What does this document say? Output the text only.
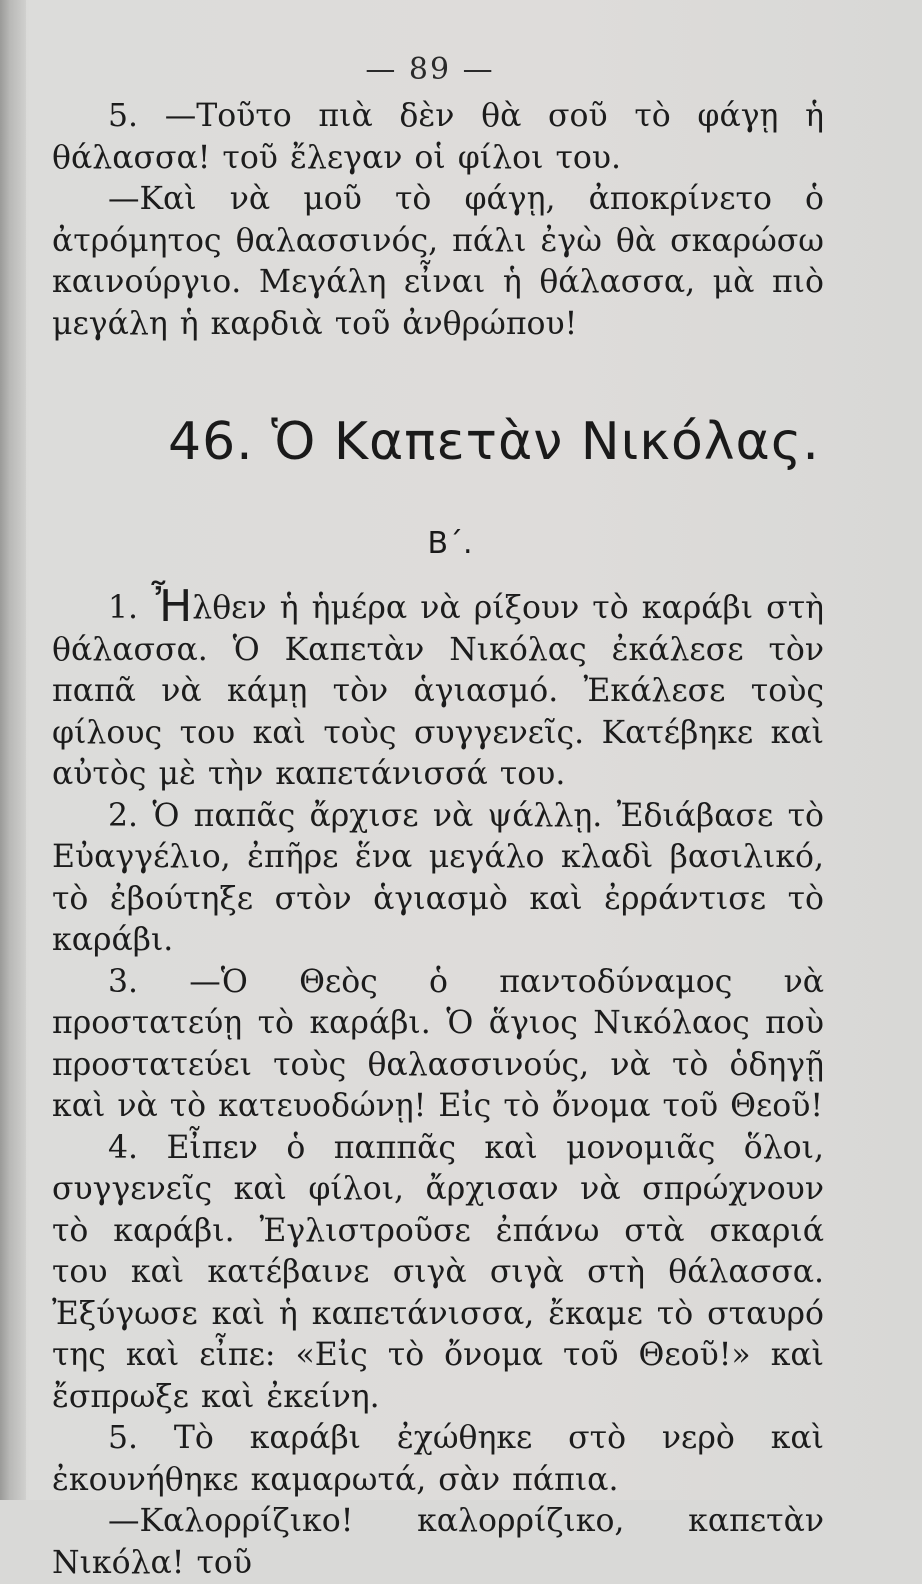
— 89 —

5. —Τοῦτο πιὰ δὲν θὰ σοῦ τὸ φάγῃ ἡ θάλασσα! τοῦ ἔλεγαν οἱ φίλοι του.

—Καὶ νὰ μοῦ τὸ φάγῃ, ἀποκρίνετο ὁ ἀτρόμητος θαλασσινός, πάλι ἐγὼ θὰ σκαρώσω καινούργιο. Μεγάλη εἶναι ἡ θάλασσα, μὰ πιὸ μεγάλη ἡ καρδιὰ τοῦ ἀνθρώπου!

46. Ὁ Καπετὰν Νικόλας.
Β΄.

1. Ἦλθεν ἡ ἡμέρα νὰ ρίξουν τὸ καράβι στὴ θάλασσα. Ὁ Καπετὰν Νικόλας ἐκάλεσε τὸν παπᾶ νὰ κάμῃ τὸν ἁγιασμό. Ἐκάλεσε τοὺς φίλους του καὶ τοὺς συγγενεῖς. Κατέβηκε καὶ αὐτὸς μὲ τὴν καπετάνισσά του.

2. Ὁ παπᾶς ἄρχισε νὰ ψάλλῃ. Ἐδιάβασε τὸ Εὐαγγέλιο, ἐπῆρε ἕνα μεγάλο κλαδὶ βασιλικό, τὸ ἐβούτηξε στὸν ἁγιασμὸ καὶ ἐρράντισε τὸ καράβι.

3. —Ὁ Θεὸς ὁ παντοδύναμος νὰ προστατεύῃ τὸ καράβι. Ὁ ἅγιος Νικόλαος ποὺ προστατεύει τοὺς θαλασσινούς, νὰ τὸ ὁδηγῇ καὶ νὰ τὸ κατευοδώνῃ! Εἰς τὸ ὄνομα τοῦ Θεοῦ!

4. Εἶπεν ὁ παππᾶς καὶ μονομιᾶς ὅλοι, συγγενεῖς καὶ φίλοι, ἄρχισαν νὰ σπρώχνουν τὸ καράβι. Ἐγλιστροῦσε ἐπάνω στὰ σκαριά του καὶ κατέβαινε σιγὰ σιγὰ στὴ θάλασσα. Ἐξύγωσε καὶ ἡ καπετάνισσα, ἔκαμε τὸ σταυρό της καὶ εἶπε: «Εἰς τὸ ὄνομα τοῦ Θεοῦ!» καὶ ἔσπρωξε καὶ ἐκείνη.

5. Τὸ καράβι ἐχώθηκε στὸ νερὸ καὶ ἐκουνήθηκε καμαρωτά, σὰν πάπια.

—Καλορρίζικο! καλορρίζικο, καπετὰν Νικόλα! τοῦ
